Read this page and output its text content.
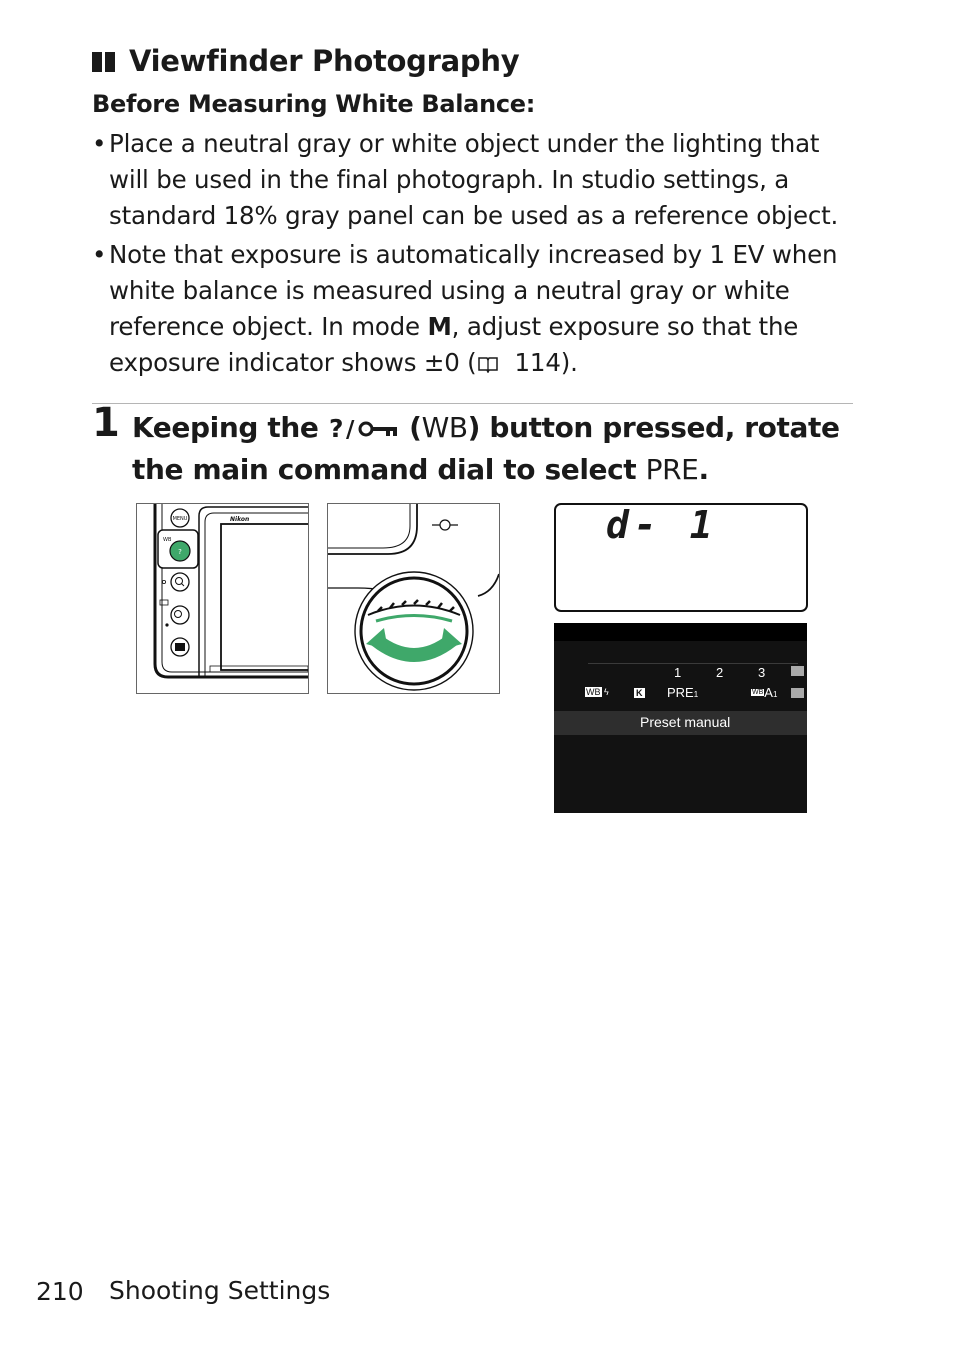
Viewfinder Photography
Before Measuring White Balance:
• Place a neutral gray or white object under the lighting that will be used in the final photograph. In studio settings, a standard 18% gray panel can be used as a reference object.
• Note that exposure is automatically increased by 1 EV when white balance is measured using a neutral gray or white reference object. In mode M, adjust exposure so that the exposure indicator shows ±0 ( 114).
1 Keeping the ? / (WB) button pressed, rotate the main command dial to select PRE.
Nikon
MENU
WB
?
d- 1
1	2	3
WB ϟ	K PRE1	$^{WB}$A1
Preset manual
210 Shooting Settings
